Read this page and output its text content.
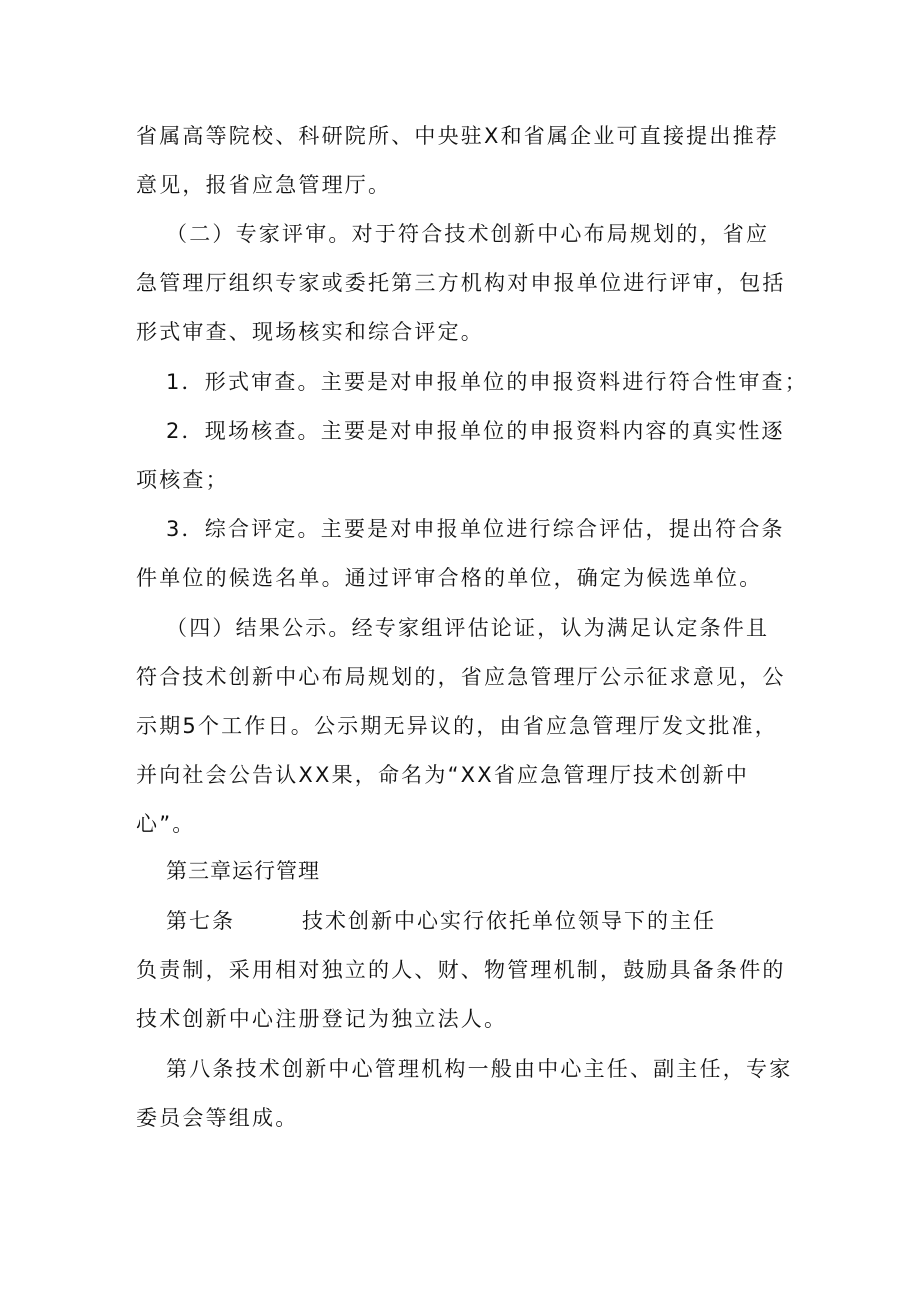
省属高等院校、科研院所、中央驻X和省属企业可直接提出推荐
意见，报省应急管理厅。
（二）专家评审。对于符合技术创新中心布局规划的，省应
急管理厅组织专家或委托第三方机构对申报单位进行评审，包括
形式审查、现场核实和综合评定。
1．形式审查。主要是对申报单位的申报资料进行符合性审查；
2．现场核查。主要是对申报单位的申报资料内容的真实性逐
项核查；
3．综合评定。主要是对申报单位进行综合评估，提出符合条
件单位的候选名单。通过评审合格的单位，确定为候选单位。
（四）结果公示。经专家组评估论证，认为满足认定条件且
符合技术创新中心布局规划的，省应急管理厅公示征求意见，公
示期5个工作日。公示期无异议的，由省应急管理厅发文批准，
并向社会公告认XX果，命名为“XX省应急管理厅技术创新中
心”。
第三章运行管理
第七条	技术创新中心实行依托单位领导下的主任
负责制，采用相对独立的人、财、物管理机制，鼓励具备条件的
技术创新中心注册登记为独立法人。
第八条技术创新中心管理机构一般由中心主任、副主任，专家
委员会等组成。
